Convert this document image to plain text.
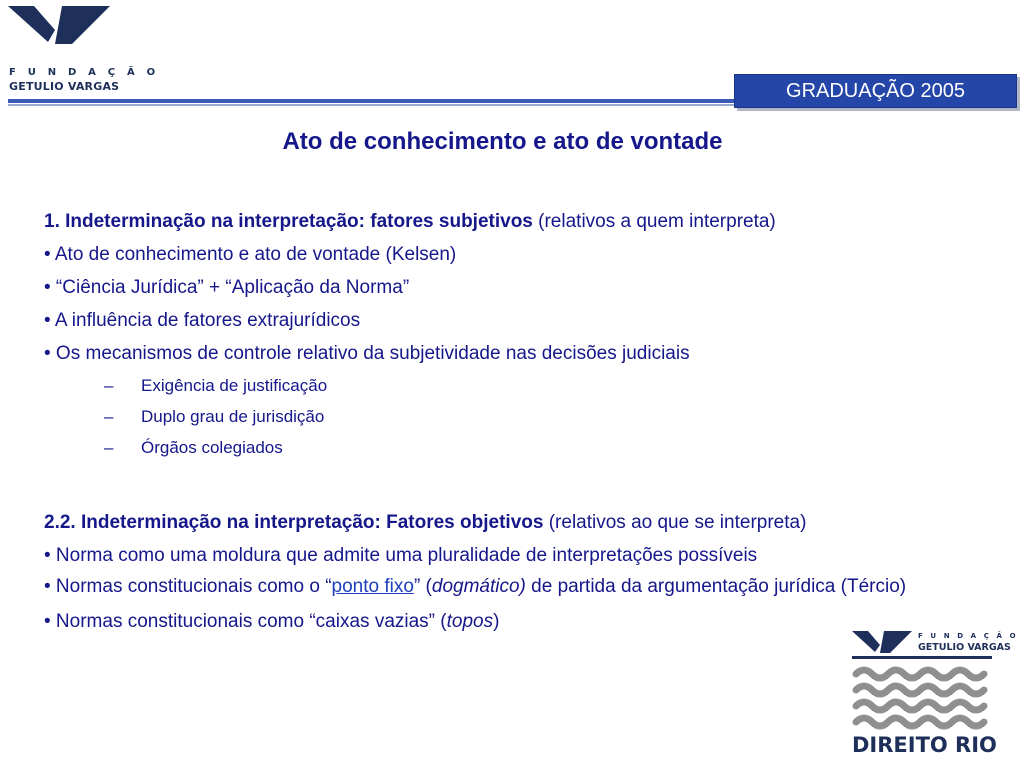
F U N D A Ç Ã O
GETULIO VARGAS	GRADUAÇÃO 2005
Ato de conhecimento e ato de vontade

1. Indeterminação na interpretação: fatores subjetivos (relativos a quem interpreta)

• Ato de conhecimento e ato de vontade (Kelsen)

• “Ciência Jurídica” + “Aplicação da Norma”

• A influência de fatores extrajurídicos

• Os mecanismos de controle relativo da subjetividade nas decisões judiciais

– Exigência de justificação

– Duplo grau de jurisdição

– Órgãos colegiados

2.2. Indeterminação na interpretação: Fatores objetivos (relativos ao que se interpreta)

• Norma como uma moldura que admite uma pluralidade de interpretações possíveis

• Normas constitucionais como o “ponto fixo” (dogmático) de partida da argumentação jurídica (Tércio)

• Normas constitucionais como “caixas vazias” (topos)

F U N D A Ç Ã O
GETULIO VARGAS
DIREITO RIO
